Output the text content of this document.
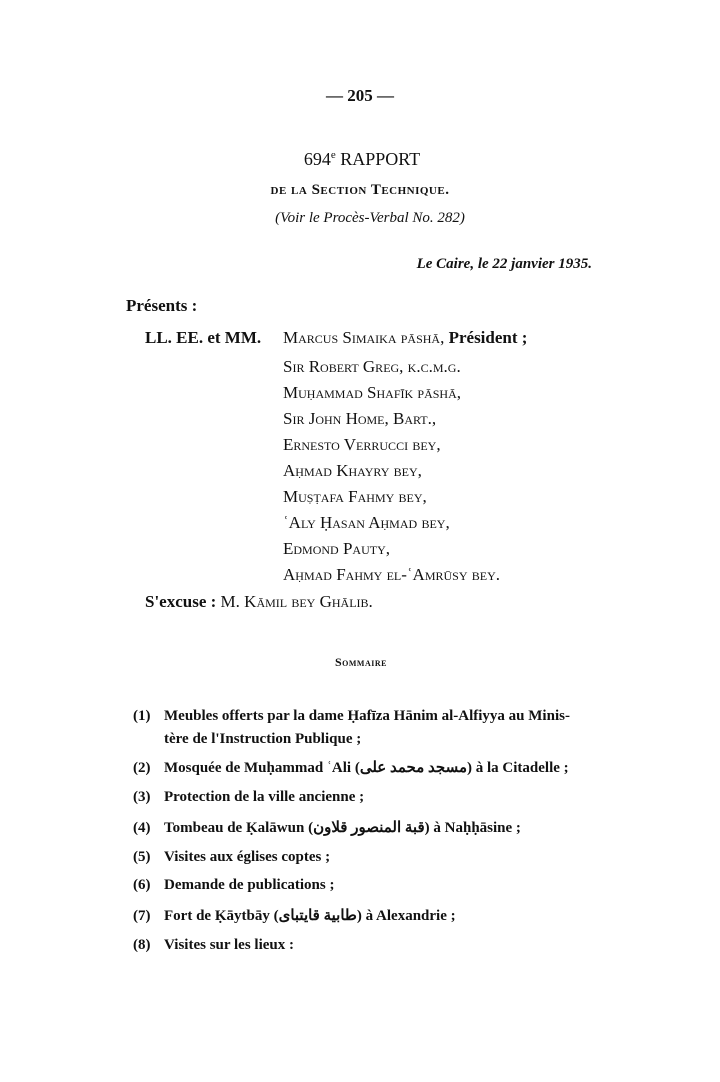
— 205 —
694e RAPPORT
de la Section Technique.
(Voir le Procès-Verbal No. 282)
Le Caire, le 22 janvier 1935.
Présents :
LL. EE. et MM. Marcus Simaika pāshā, Président ;
Sir Robert Greg, k.c.m.g.
Muḥammad Shafīk pāshā,
Sir John Home, Bart.,
Ernesto Verrucci bey,
Aḥmad Khayry bey,
Muṣṭafa Fahmy bey,
ʿAly Ḥasan Aḥmad bey,
Edmond Pauty,
Aḥmad Fahmy el-ʿAmrūsy bey.
S'excuse : M. Kāmil bey Ghālib.
Sommaire
(1) Meubles offerts par la dame Ḥafīza Hānim al-Alfiyya au Minis-
tère de l'Instruction Publique ;
(2) Mosquée de Muḥammad ʿAli (مسجد محمد على) à la Citadelle ;
(3) Protection de la ville ancienne ;
(4) Tombeau de Ḳalāwun (قبة المنصور قلاون) à Naḥḥāsine ;
(5) Visites aux églises coptes ;
(6) Demande de publications ;
(7) Fort de Ḳāytbāy (طابية قايتباى) à Alexandrie ;
(8) Visites sur les lieux :
